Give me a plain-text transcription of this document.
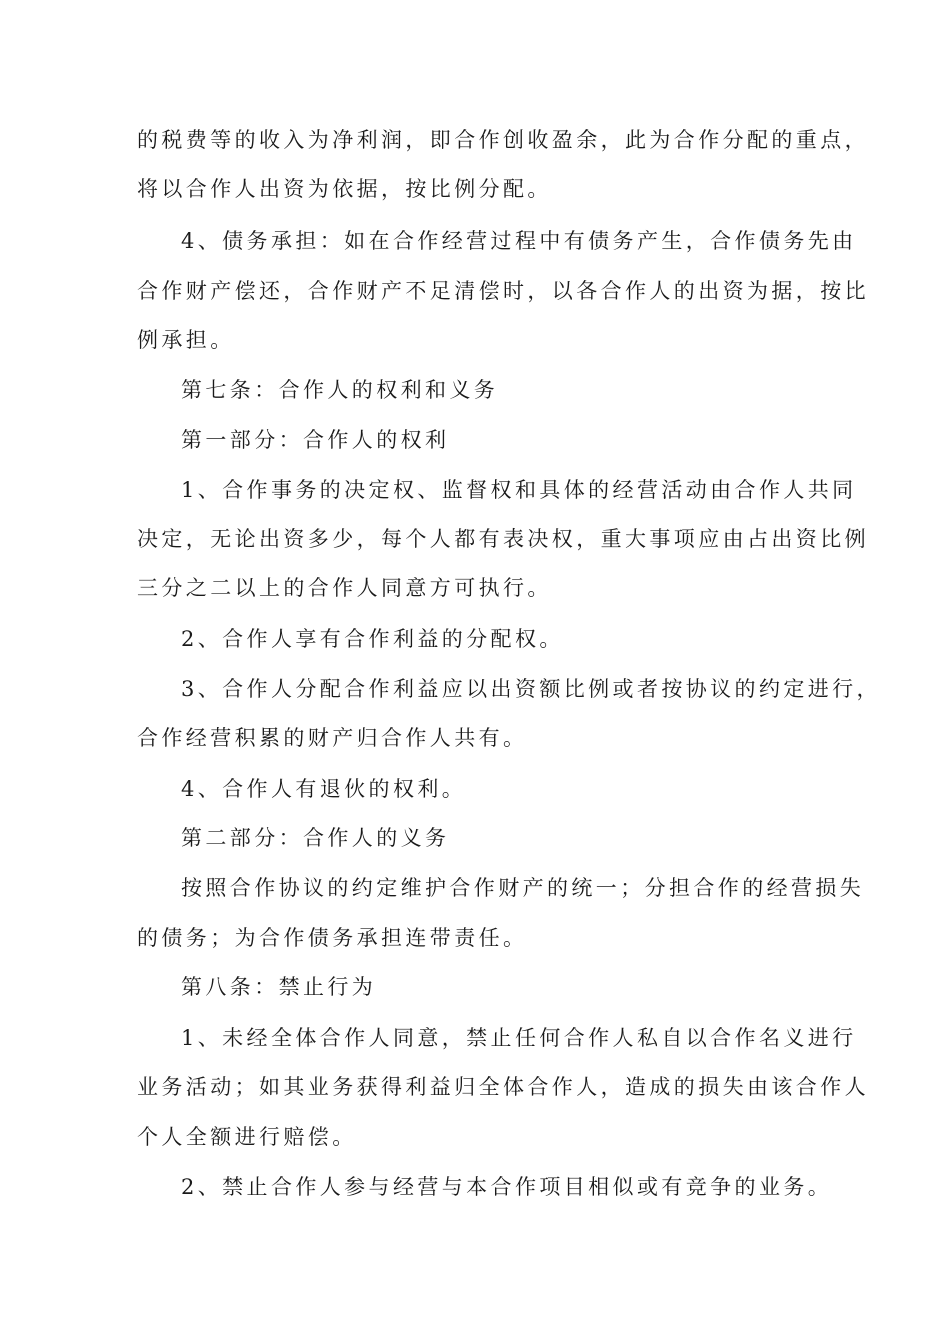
的税费等的收入为净利润，即合作创收盈余，此为合作分配的重点，

将以合作人出资为依据，按比例分配。

4、债务承担：如在合作经营过程中有债务产生，合作债务先由

合作财产偿还，合作财产不足清偿时，以各合作人的出资为据，按比

例承担。

第七条：合作人的权利和义务

第一部分：合作人的权利

1、合作事务的决定权、监督权和具体的经营活动由合作人共同

决定，无论出资多少，每个人都有表决权，重大事项应由占出资比例

三分之二以上的合作人同意方可执行。

2、合作人享有合作利益的分配权。

3、合作人分配合作利益应以出资额比例或者按协议的约定进行，

合作经营积累的财产归合作人共有。

4、合作人有退伙的权利。

第二部分：合作人的义务

按照合作协议的约定维护合作财产的统一；分担合作的经营损失

的债务；为合作债务承担连带责任。

第八条：禁止行为

1、未经全体合作人同意，禁止任何合作人私自以合作名义进行

业务活动；如其业务获得利益归全体合作人，造成的损失由该合作人

个人全额进行赔偿。

2、禁止合作人参与经营与本合作项目相似或有竞争的业务。
